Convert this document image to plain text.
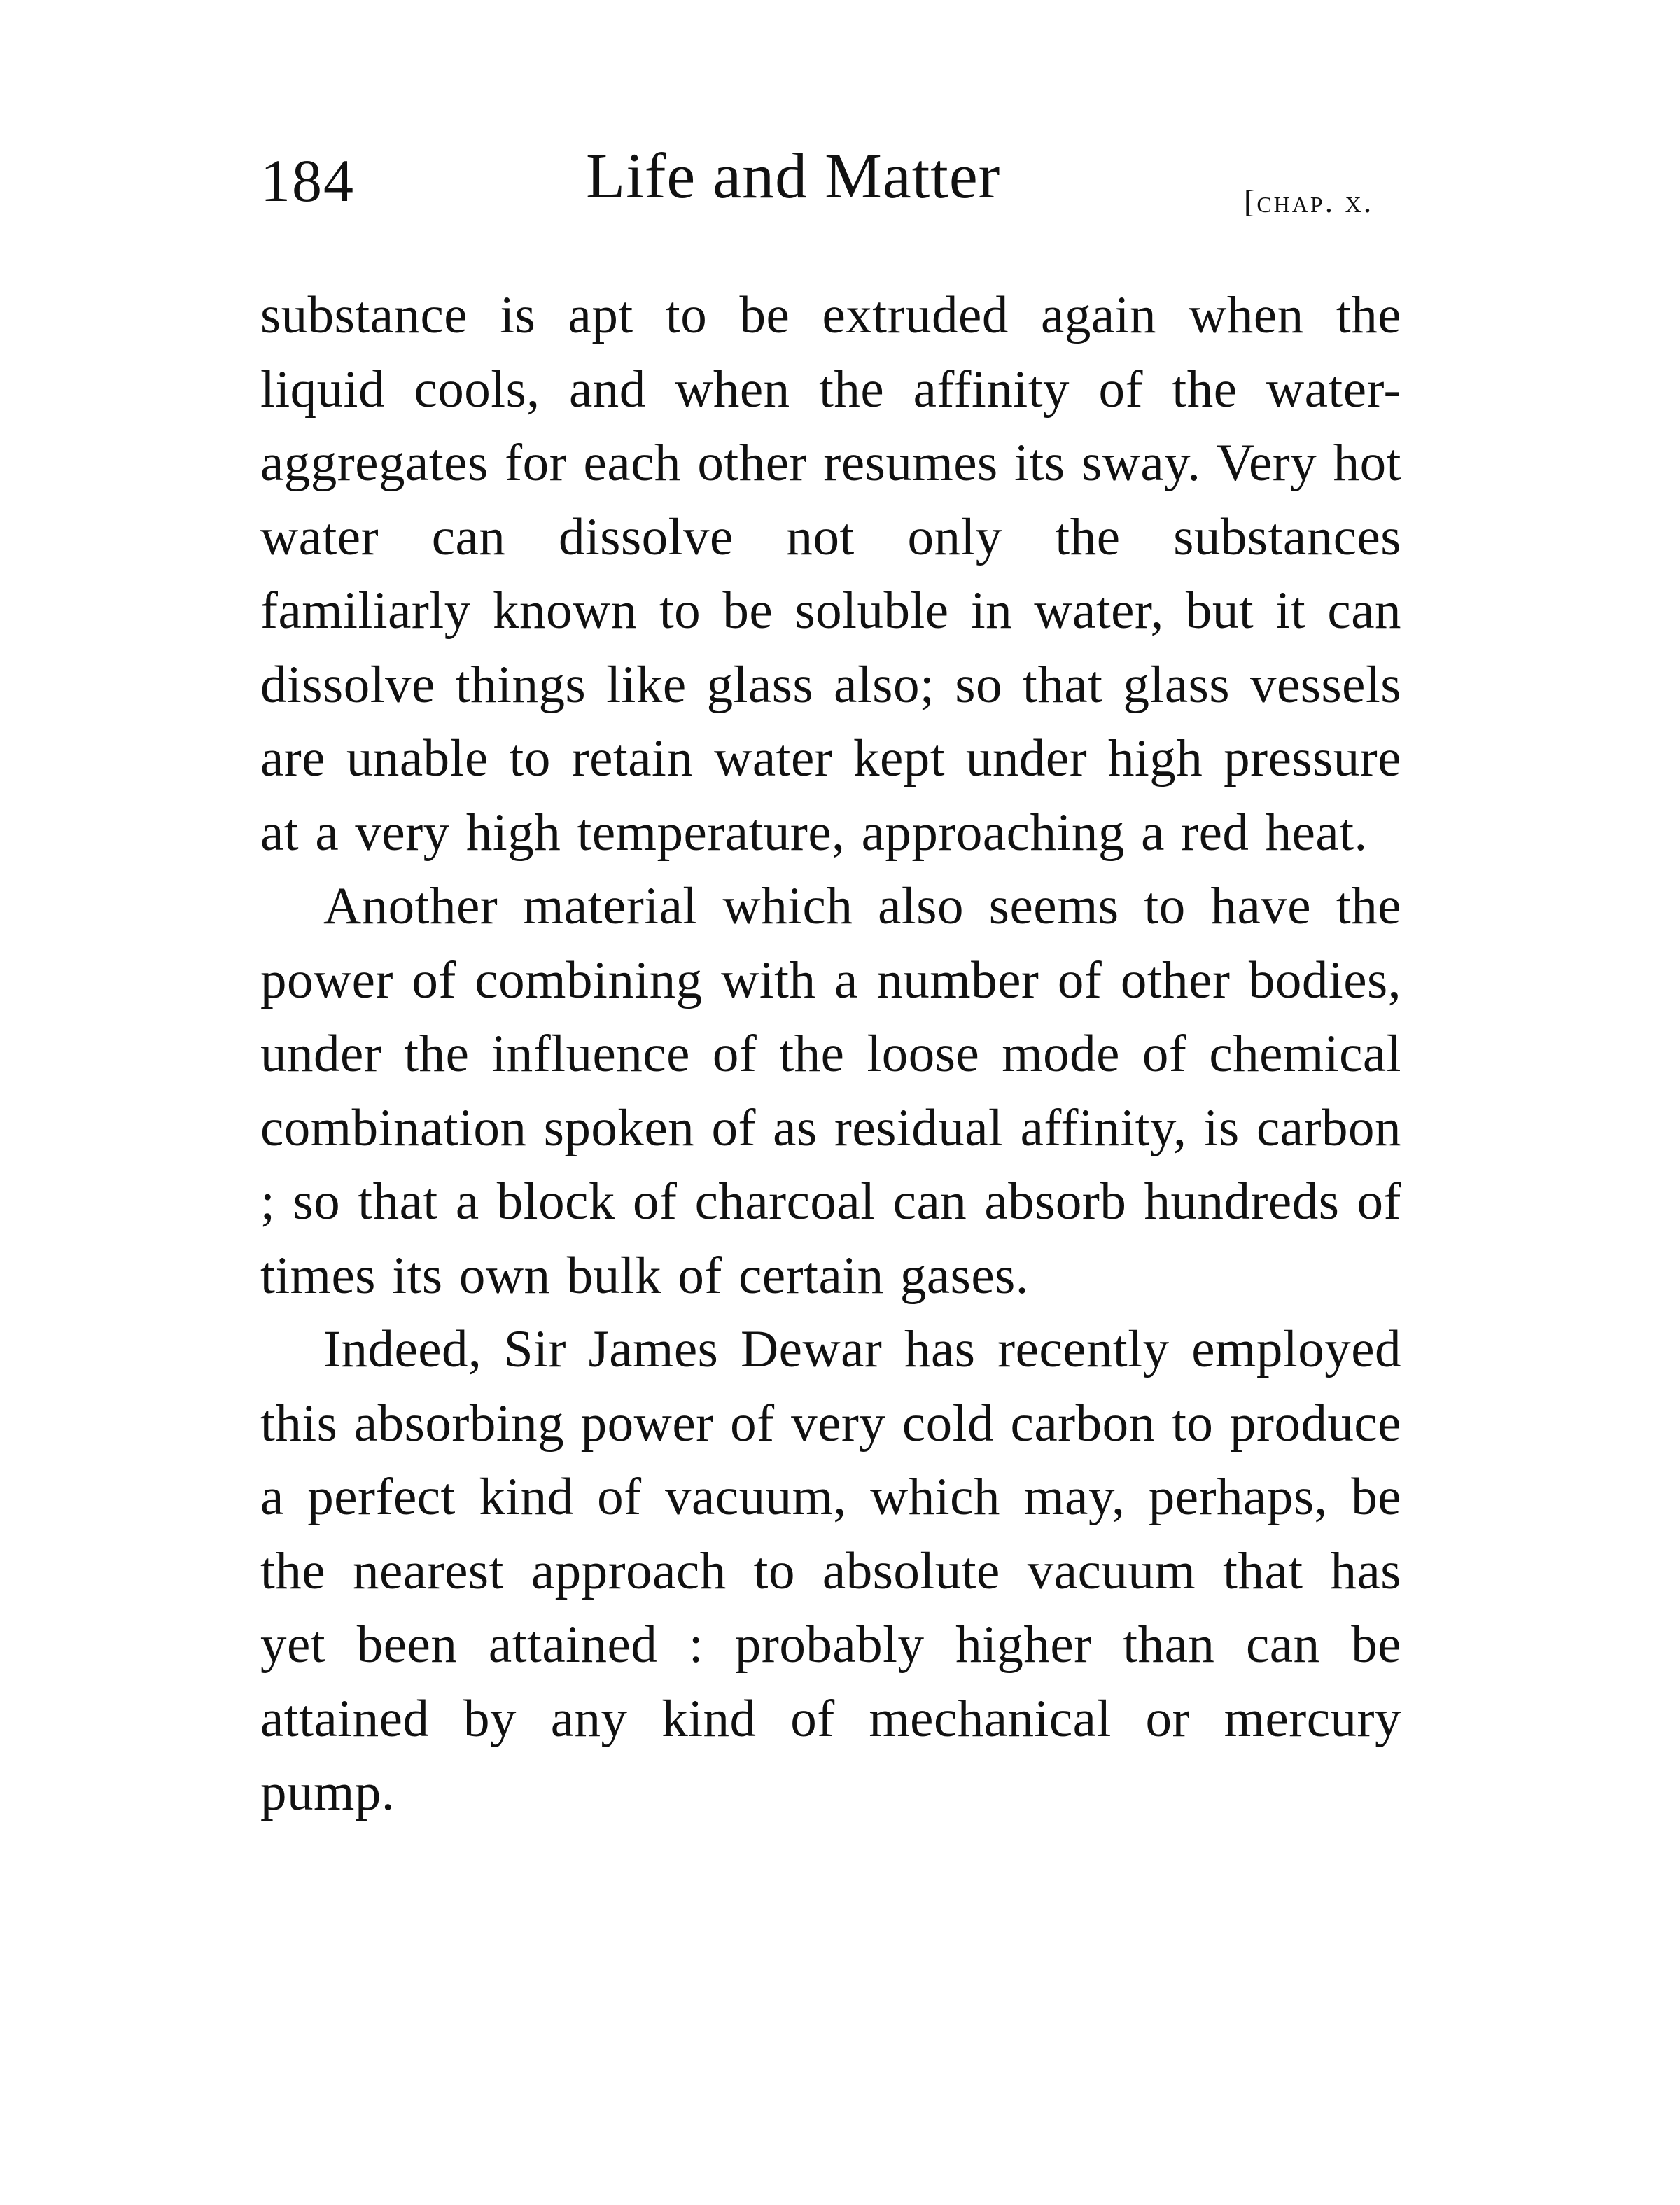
184	Life and Matter	[chap. x.

substance is apt to be extruded again when the liquid cools, and when the affinity of the water-aggregates for each other resumes its sway. Very hot water can dissolve not only the substances familiarly known to be soluble in water, but it can dissolve things like glass also; so that glass vessels are unable to retain water kept under high pressure at a very high temperature, approaching a red heat.

Another material which also seems to have the power of combining with a number of other bodies, under the influence of the loose mode of chemical combination spoken of as residual affinity, is carbon ; so that a block of charcoal can absorb hundreds of times its own bulk of certain gases.

Indeed, Sir James Dewar has recently employed this absorbing power of very cold carbon to produce a perfect kind of vacuum, which may, perhaps, be the nearest approach to absolute vacuum that has yet been attained : probably higher than can be attained by any kind of mechanical or mercury pump.
